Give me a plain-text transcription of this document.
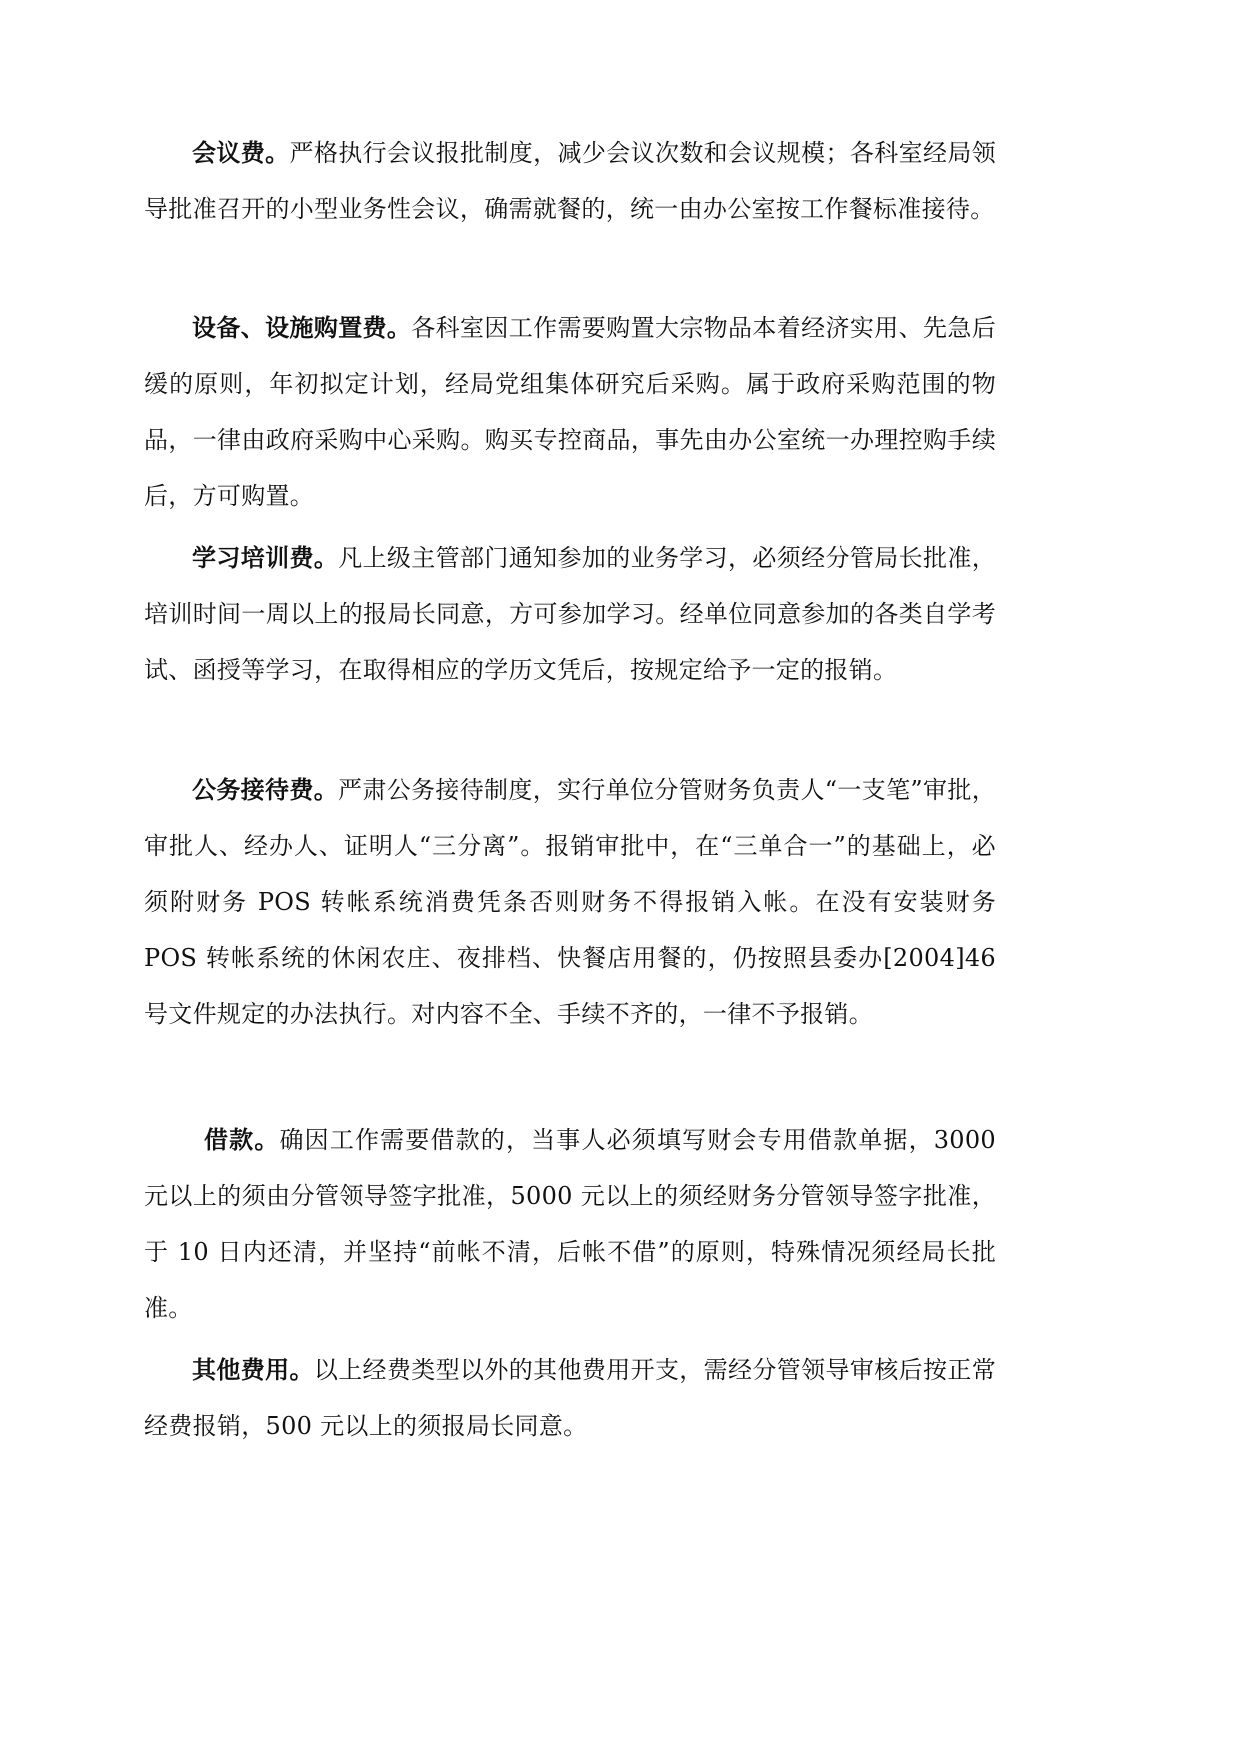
会议费。严格执行会议报批制度，减少会议次数和会议规模；各科室经局领导批准召开的小型业务性会议，确需就餐的，统一由办公室按工作餐标准接待。

设备、设施购置费。各科室因工作需要购置大宗物品本着经济实用、先急后缓的原则，年初拟定计划，经局党组集体研究后采购。属于政府采购范围的物品，一律由政府采购中心采购。购买专控商品，事先由办公室统一办理控购手续后，方可购置。

学习培训费。凡上级主管部门通知参加的业务学习，必须经分管局长批准，培训时间一周以上的报局长同意，方可参加学习。经单位同意参加的各类自学考试、函授等学习，在取得相应的学历文凭后，按规定给予一定的报销。

公务接待费。严肃公务接待制度，实行单位分管财务负责人“一支笔”审批，审批人、经办人、证明人“三分离”。报销审批中，在“三单合一”的基础上，必须附财务 POS 转帐系统消费凭条否则财务不得报销入帐。在没有安装财务 POS 转帐系统的休闲农庄、夜排档、快餐店用餐的，仍按照县委办[2004]46 号文件规定的办法执行。对内容不全、手续不齐的，一律不予报销。

借款。确因工作需要借款的，当事人必须填写财会专用借款单据，3000 元以上的须由分管领导签字批准，5000 元以上的须经财务分管领导签字批准，于 10 日内还清，并坚持“前帐不清，后帐不借”的原则，特殊情况须经局长批准。

其他费用。以上经费类型以外的其他费用开支，需经分管领导审核后按正常经费报销，500 元以上的须报局长同意。
